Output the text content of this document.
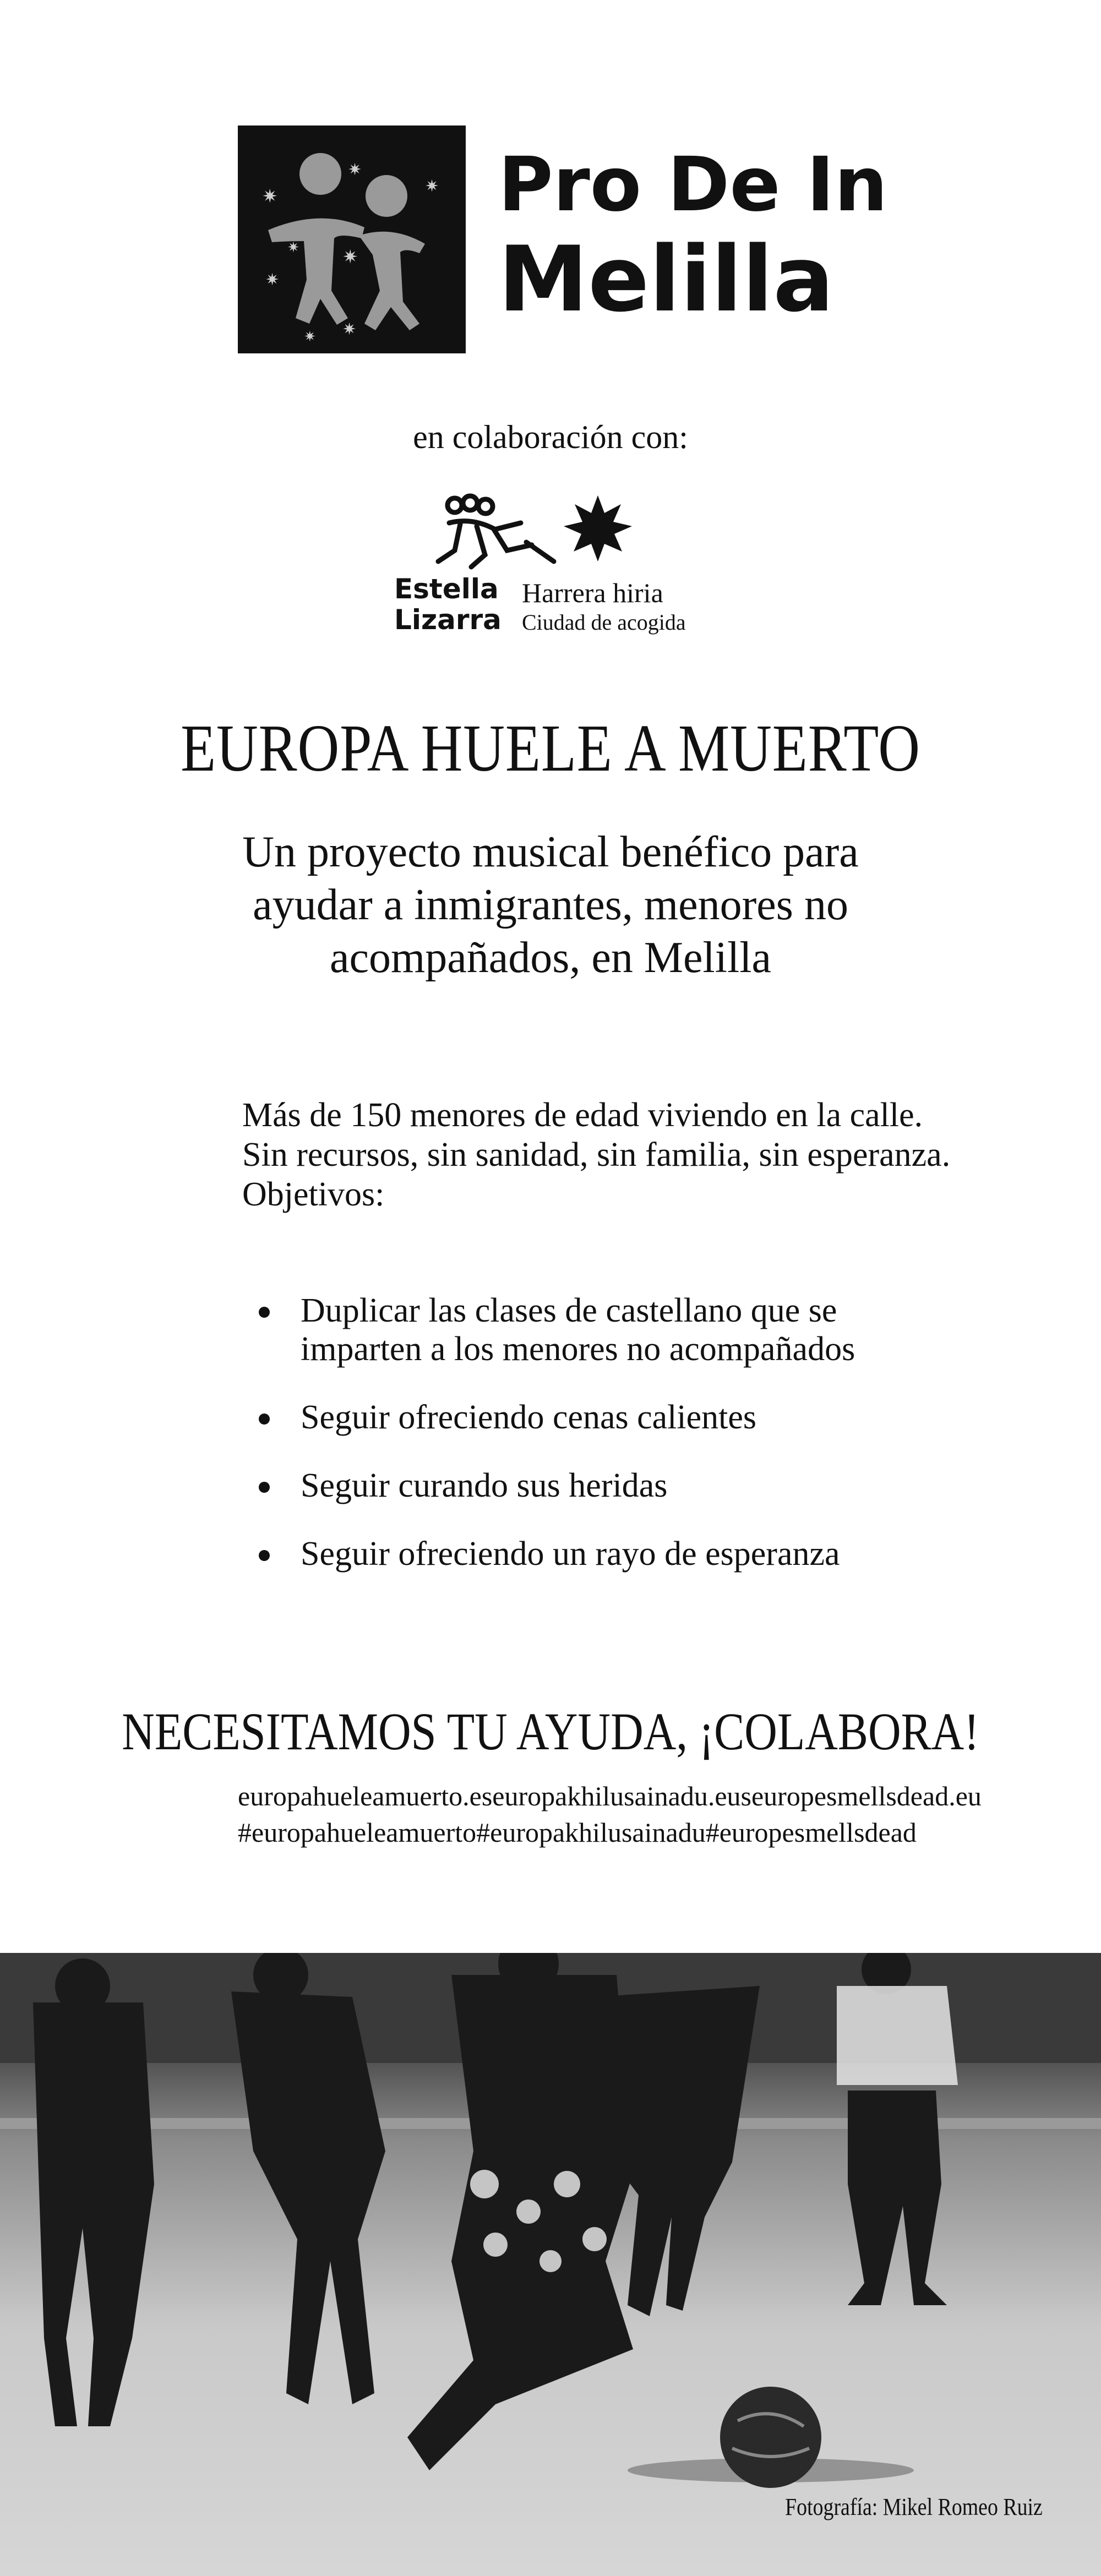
✷
✷
✷
✷
✷
✷
✷
✷
Pro De In
Melilla
en colaboración con:
Estella
Lizarra
Harrera hiria
Ciudad de acogida
EUROPA HUELE A MUERTO
Un proyecto musical benéfico para
ayudar a inmigrantes, menores no
acompañados, en Melilla
Más de 150 menores de edad viviendo en la calle.
Sin recursos, sin sanidad, sin familia, sin esperanza.
Objetivos:
Duplicar las clases de castellano que se imparten a los menores no acompañados
Seguir ofreciendo cenas calientes
Seguir curando sus heridas
Seguir ofreciendo un rayo de esperanza
NECESITAMOS TU AYUDA, ¡COLABORA!
europahueleamuerto.es europakhilusainadu.eus europesmellsdead.eu
#europahueleamuerto #europakhilusainadu #europesmellsdead
Fotografía: Mikel Romeo Ruiz
